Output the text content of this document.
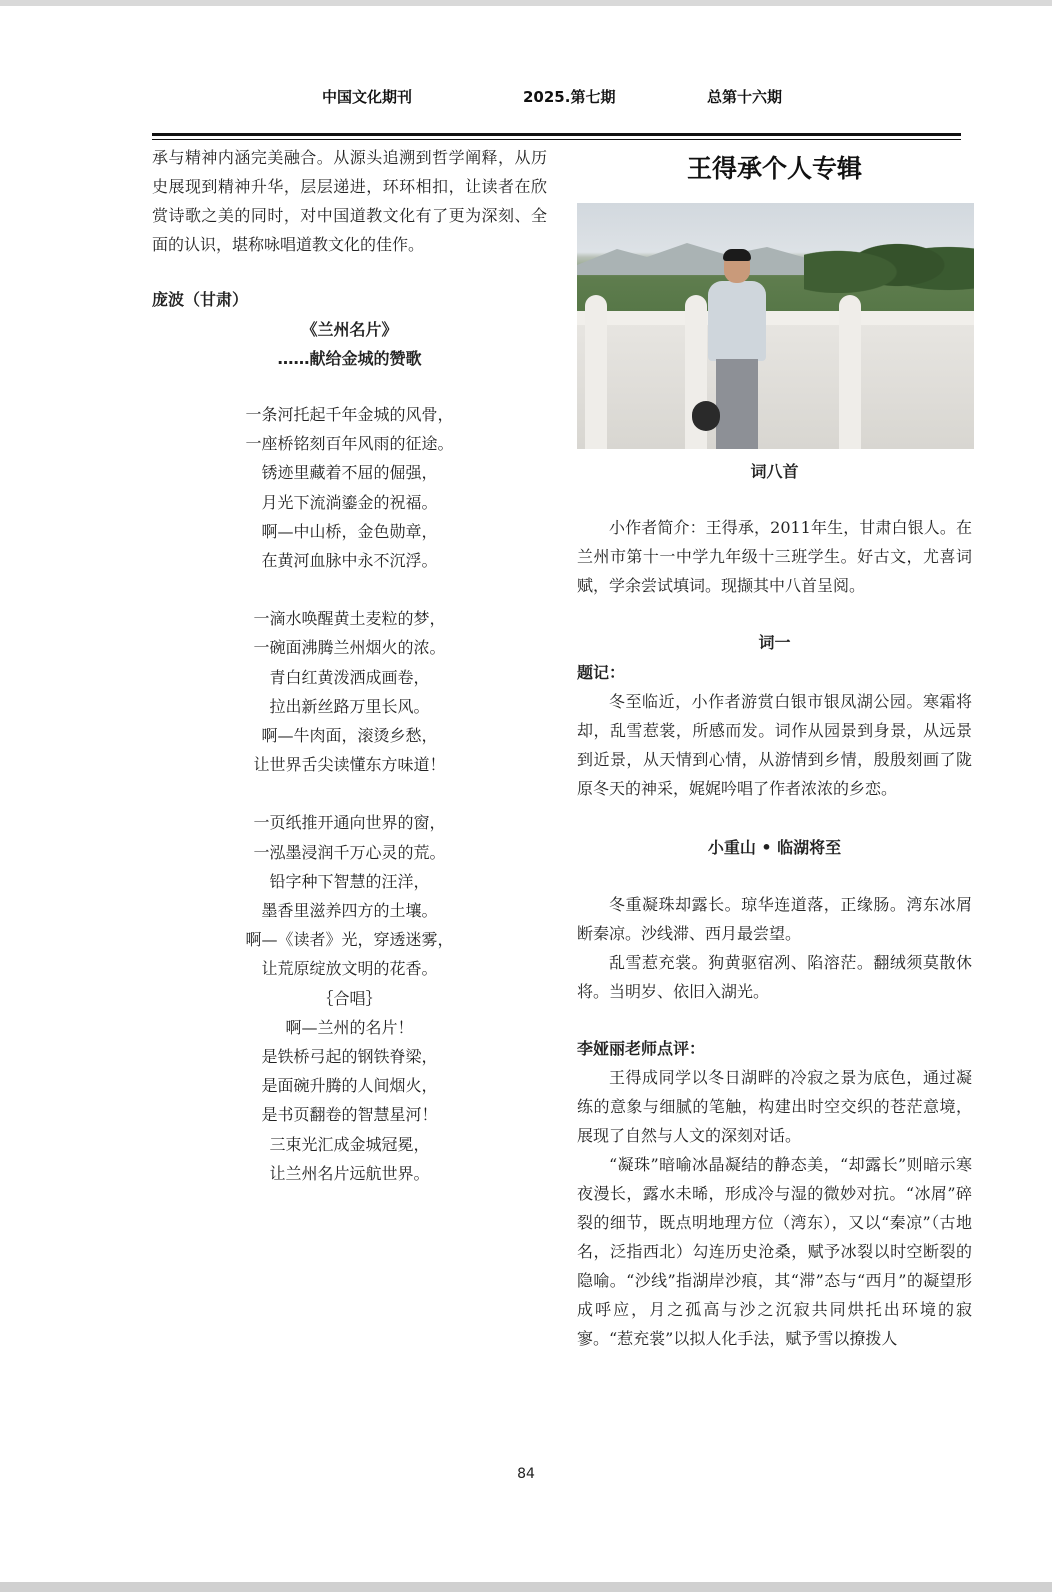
中国文化期刊	2025.第七期	总第十六期
承与精神内涵完美融合。从源头追溯到哲学阐释，从历史展现到精神升华，层层递进，环环相扣，让读者在欣赏诗歌之美的同时，对中国道教文化有了更为深刻、全面的认识，堪称咏唱道教文化的佳作。
庞波（甘肃）
《兰州名片》
……献给金城的赞歌
一条河托起千年金城的风骨，
一座桥铭刻百年风雨的征途。
锈迹里藏着不屈的倔强，
月光下流淌鎏金的祝福。
啊—中山桥，金色勋章，
在黄河血脉中永不沉浮。
一滴水唤醒黄土麦粒的梦，
一碗面沸腾兰州烟火的浓。
青白红黄泼洒成画卷，
拉出新丝路万里长风。
啊—牛肉面，滚烫乡愁，
让世界舌尖读懂东方味道！
一页纸推开通向世界的窗，
一泓墨浸润千万心灵的荒。
铅字种下智慧的汪洋，
墨香里滋养四方的土壤。
啊—《读者》光，穿透迷雾，
让荒原绽放文明的花香。
｛合唱｝
啊—兰州的名片！
是铁桥弓起的钢铁脊梁，
是面碗升腾的人间烟火，
是书页翻卷的智慧星河！
三束光汇成金城冠冕，
让兰州名片远航世界。
王得承个人专辑
词八首
小作者简介：王得承，2011年生，甘肃白银人。在兰州市第十一中学九年级十三班学生。好古文，尤喜词赋，学余尝试填词。现撷其中八首呈阅。
词一
题记：
冬至临近，小作者游赏白银市银凤湖公园。寒霜将却，乱雪惹裳，所感而发。词作从园景到身景，从远景到近景，从天情到心情，从游情到乡情，殷殷刻画了陇原冬天的神采，娓娓吟唱了作者浓浓的乡恋。
小重山 • 临湖将至
冬重凝珠却露长。琼华连道落，正缘肠。湾东冰屑断秦凉。沙线滞、西月最尝望。
乱雪惹充裳。狗黄驱宿冽、陷溶茫。翻绒须莫散休将。当明岁、依旧入湖光。
李娅丽老师点评：
王得成同学以冬日湖畔的冷寂之景为底色，通过凝练的意象与细腻的笔触，构建出时空交织的苍茫意境，展现了自然与人文的深刻对话。
“凝珠”暗喻冰晶凝结的静态美，“却露长”则暗示寒夜漫长，露水未晞，形成冷与湿的微妙对抗。“冰屑”碎裂的细节，既点明地理方位（湾东），又以“秦凉”（古地名，泛指西北）勾连历史沧桑，赋予冰裂以时空断裂的隐喻。“沙线”指湖岸沙痕，其“滞”态与“西月”的凝望形成呼应，月之孤高与沙之沉寂共同烘托出环境的寂寥。“惹充裳”以拟人化手法，赋予雪以撩拨人
84
